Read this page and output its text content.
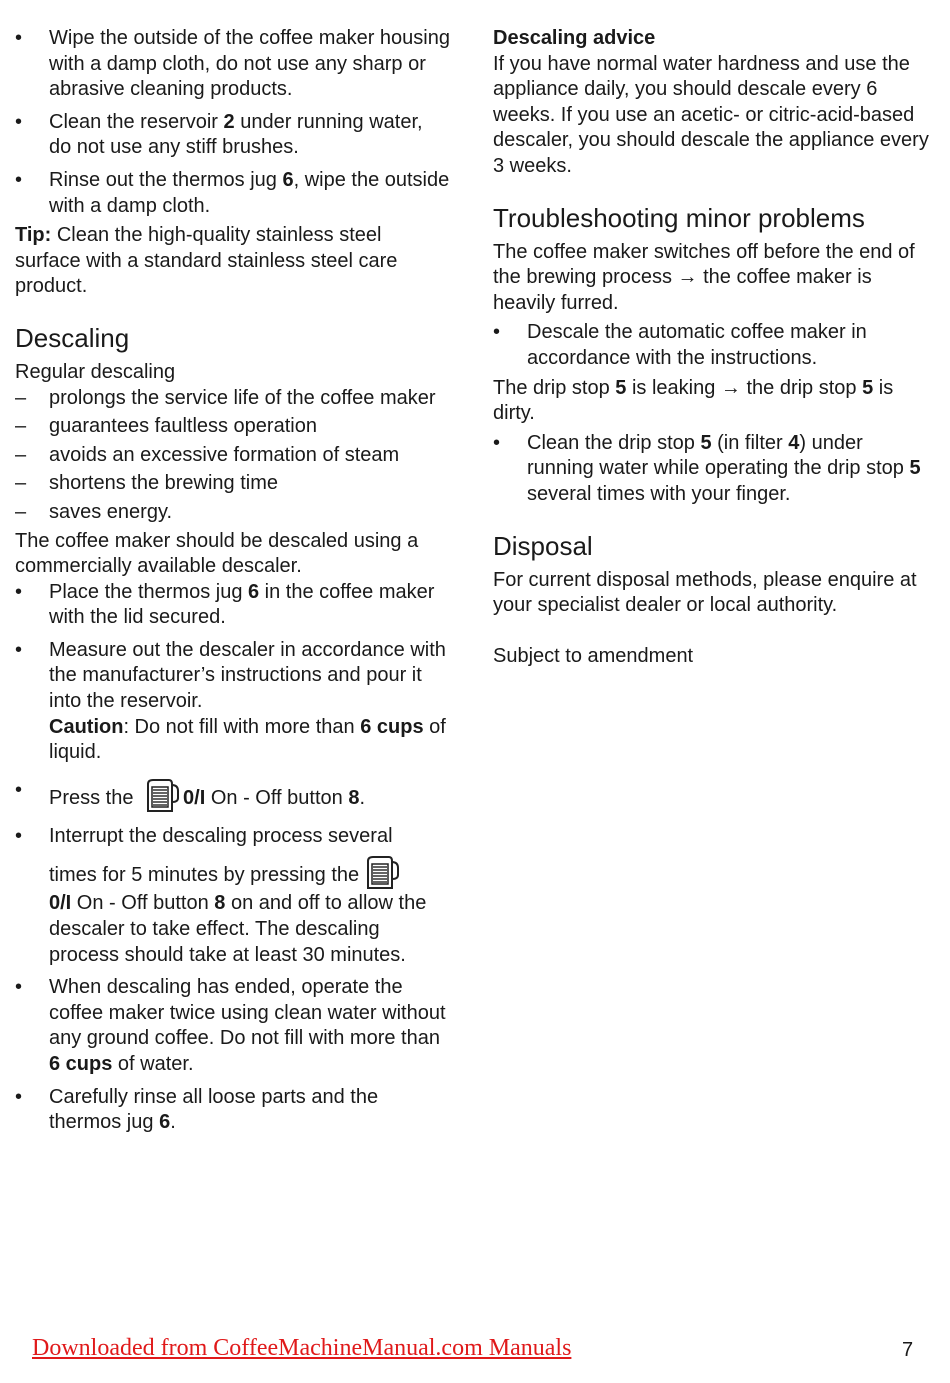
•	Wipe the outside of the coffee maker housing with a damp cloth, do not use any sharp or abrasive cleaning products.
•	Clean the reservoir 2 under running water, do not use any stiff brushes.
•	Rinse out the thermos jug 6, wipe the outside with a damp cloth.

Tip: Clean the high-quality stainless steel surface with a standard stainless steel care product.

Descaling

Regular descaling

– prolongs the service life of the coffee maker
– guarantees faultless operation
– avoids an excessive formation of steam
– shortens the brewing time
– saves energy.

The coffee maker should be descaled using a commercially available descaler.

•	Place the thermos jug 6 in the coffee maker with the lid secured.
•	Measure out the descaler in accordance with the manufacturer’s instructions and pour it into the reservoir.
Caution: Do not fill with more than 6 cups of liquid.
•	Press the
0/I On - Off button 8.
•	Interrupt the descaling process several
times for 5 minutes by pressing the

0/I On - Off button 8 on and off to allow the descaler to take effect. The descaling process should take at least 30 minutes.
•	When descaling has ended, operate the coffee maker twice using clean water without any ground coffee. Do not fill with more than 6 cups of water.
•	Carefully rinse all loose parts and the thermos jug 6.
Descaling advice

If you have normal water hardness and use the appliance daily, you should descale every 6 weeks. If you use an acetic- or citric-acid-based descaler, you should descale the appliance every 3 weeks.

Troubleshooting minor problems

The coffee maker switches off before the end of the brewing process → the coffee maker is heavily furred.

•	Descale the automatic coffee maker in accordance with the instructions.

The drip stop 5 is leaking → the drip stop 5 is dirty.

•	Clean the drip stop 5 (in filter 4) under running water while operating the drip stop 5 several times with your finger.
Disposal

For current disposal methods, please enquire at your specialist dealer or local authority.

Subject to amendment

Downloaded from CoffeeMachineManual.com Manuals	7
